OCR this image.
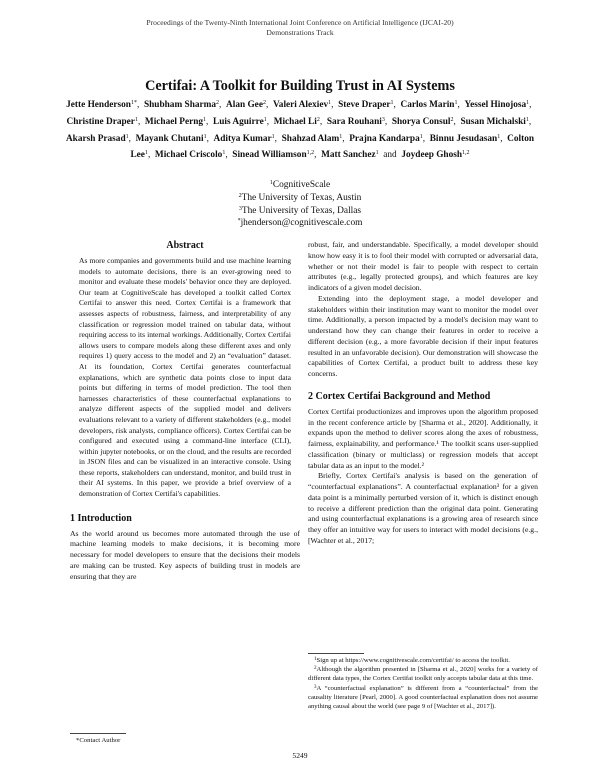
Proceedings of the Twenty-Ninth International Joint Conference on Artificial Intelligence (IJCAI-20)
Demonstrations Track
Certifai: A Toolkit for Building Trust in AI Systems
Jette Henderson$^{1*}$,  Shubham Sharma$^2$,  Alan Gee$^2$,  Valeri Alexiev$^1$,  Steve Draper$^1$,  Carlos Marin$^1$,  Yessel Hinojosa$^1$,  Christine Draper$^1$,  Michael Perng$^1$,  Luis Aguirre$^1$,  Michael Li$^2$,  Sara Rouhani$^3$,  Shorya Consul$^2$,  Susan Michalski$^1$,  Akarsh Prasad$^1$,  Mayank Chutani$^1$,  Aditya Kumar$^1$,  Shahzad Alam$^1$,  Prajna Kandarpa$^1$,  Binnu Jesudasan$^1$,  Colton Lee$^1$,  Michael Criscolo$^1$,  Sinead Williamson$^{1,2}$,  Matt Sanchez$^1$  and  Joydeep Ghosh$^{1,2}$
$^1$CognitiveScale
$^2$The University of Texas, Austin
$^3$The University of Texas, Dallas
*jhenderson@cognitivescale.com
Abstract

As more companies and governments build and use machine learning models to automate decisions, there is an ever-growing need to monitor and evaluate these models' behavior once they are deployed. Our team at CognitiveScale has developed a toolkit called Cortex Certifai to answer this need. Cortex Certifai is a framework that assesses aspects of robustness, fairness, and interpretability of any classification or regression model trained on tabular data, without requiring access to its internal workings. Additionally, Cortex Certifai allows users to compare models along these different axes and only requires 1) query access to the model and 2) an “evaluation” dataset. At its foundation, Cortex Certifai generates counterfactual explanations, which are synthetic data points close to input data points but differing in terms of model prediction. The tool then harnesses characteristics of these counterfactual explanations to analyze different aspects of the supplied model and delivers evaluations relevant to a variety of different stakeholders (e.g., model developers, risk analysts, compliance officers). Cortex Certifai can be configured and executed using a command-line interface (CLI), within jupyter notebooks, or on the cloud, and the results are recorded in JSON files and can be visualized in an interactive console. Using these reports, stakeholders can understand, monitor, and build trust in their AI systems. In this paper, we provide a brief overview of a demonstration of Cortex Certifai's capabilities.

1 Introduction

As the world around us becomes more automated through the use of machine learning models to make decisions, it is becoming more necessary for model developers to ensure that the decisions their models are making can be trusted. Key aspects of building trust in models are ensuring that they are

*Contact Author

robust, fair, and understandable. Specifically, a model developer should know how easy it is to fool their model with corrupted or adversarial data, whether or not their model is fair to people with respect to certain attributes (e.g., legally protected groups), and which features are key indicators of a given model decision.

Extending into the deployment stage, a model developer and stakeholders within their institution may want to monitor the model over time. Additionally, a person impacted by a model's decision may want to understand how they can change their features in order to receive a different decision (e.g., a more favorable decision if their input features resulted in an unfavorable decision). Our demonstration will showcase the capabilities of Cortex Certifai, a product built to address these key concerns.

2 Cortex Certifai Background and Method

Cortex Certifai productionizes and improves upon the algorithm proposed in the recent conference article by [Sharma et al., 2020]. Additionally, it expands upon the method to deliver scores along the axes of robustness, fairness, explainability, and performance.¹ The toolkit scans user-supplied classification (binary or multiclass) or regression models that accept tabular data as an input to the model.²

Briefly, Cortex Certifai's analysis is based on the generation of “counterfactual explanations”. A counterfactual explanation³ for a given data point is a minimally perturbed version of it, which is distinct enough to receive a different prediction than the original data point. Generating and using counterfactual explanations is a growing area of research since they offer an intuitive way for users to interact with model decisions (e.g., [Wachter et al., 2017;

$^1$Sign up at https://www.cognitivescale.com/certifai/ to access the toolkit.

$^2$Although the algorithm presented in [Sharma et al., 2020] works for a variety of different data types, the Cortex Certifai toolkit only accepts tabular data at this time.

$^3$A “counterfactual explanation” is different from a “counterfactual” from the causality literature [Pearl, 2000]. A good counterfactual explanation does not assume anything causal about the world (see page 9 of [Wachter et al., 2017]).

5249
